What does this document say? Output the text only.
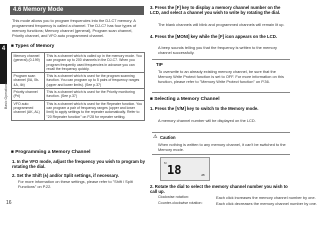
4
Basic Operations
16
4.6 Memory Mode
This mode allows you to program frequencies into the DJ-C7 memory. A programmed frequency is called a channel. The DJ-C7 has four types of memory functions; Memory channel (general), Program scan channel, Priority channel, and VFO auto programmed channel.
■ Types of Memory
Memory channel (general) (0-199)	This is a channel which is called up in the memory mode. You can program up to 200 channels in the DJ-C7. When you program frequently used frequencies in advance you can recall the frequency quickly.
Program scan channel (0A, 0b-4A, 4b)	This is a channel which is used for the program scanning function. You can program up to 5 pairs of frequency ranges (upper and lower limits). (See p.37)
Priority channel (Pri)	This is a channel which is used for the Priority monitoring function. (See p.37)
VFO auto programmed channel (AK, AL)	This is a channel which is used for the Repeater function. You can program a pair of frequency ranges (upper and lower limit) to apply settings to the repeater automatically. Refer to "20 Repeater function" on P.28 for repeater setting.
■ Programming a Memory Channel
1. In the VFO mode, adjust the frequency you wish to program by rotating the dial.
2. Set the Shift (±) and/or Split settings, if necessary.
For more information on these settings, please refer to "Shift / Split Functions" on P.22.
3. Press the [F] key to display a memory channel number on the LCD, and select a channel you wish to write by rotating the dial.
The blank channels will blink and programmed channels will remain lit up.
4. Press the [MONI] key while the [F] icon appears on the LCD.
A beep sounds telling you that the frequency is written to the memory channel successfully.
TIP
To overwrite to an already existing memory channel, be sure that the Memory Write Protect function is set to OFF. For more information on this function, please refer to "Memory Write Protect function" on P.36.
■ Selecting a Memory Channel
1. Press the [V/M] key to switch to the Memory mode.
A memory channel number will be displayed on the LCD.
⚠ Caution
When nothing is written to any memory channel, it can't be switched to the Memory mode.
M 18	dB
2. Rotate the dial to select the memory channel number you wish to call up.
Clockwise rotation:	Each click increases the memory channel number by one.
Counter-clockwise rotation:	Each click decreases the memory channel number by one.
